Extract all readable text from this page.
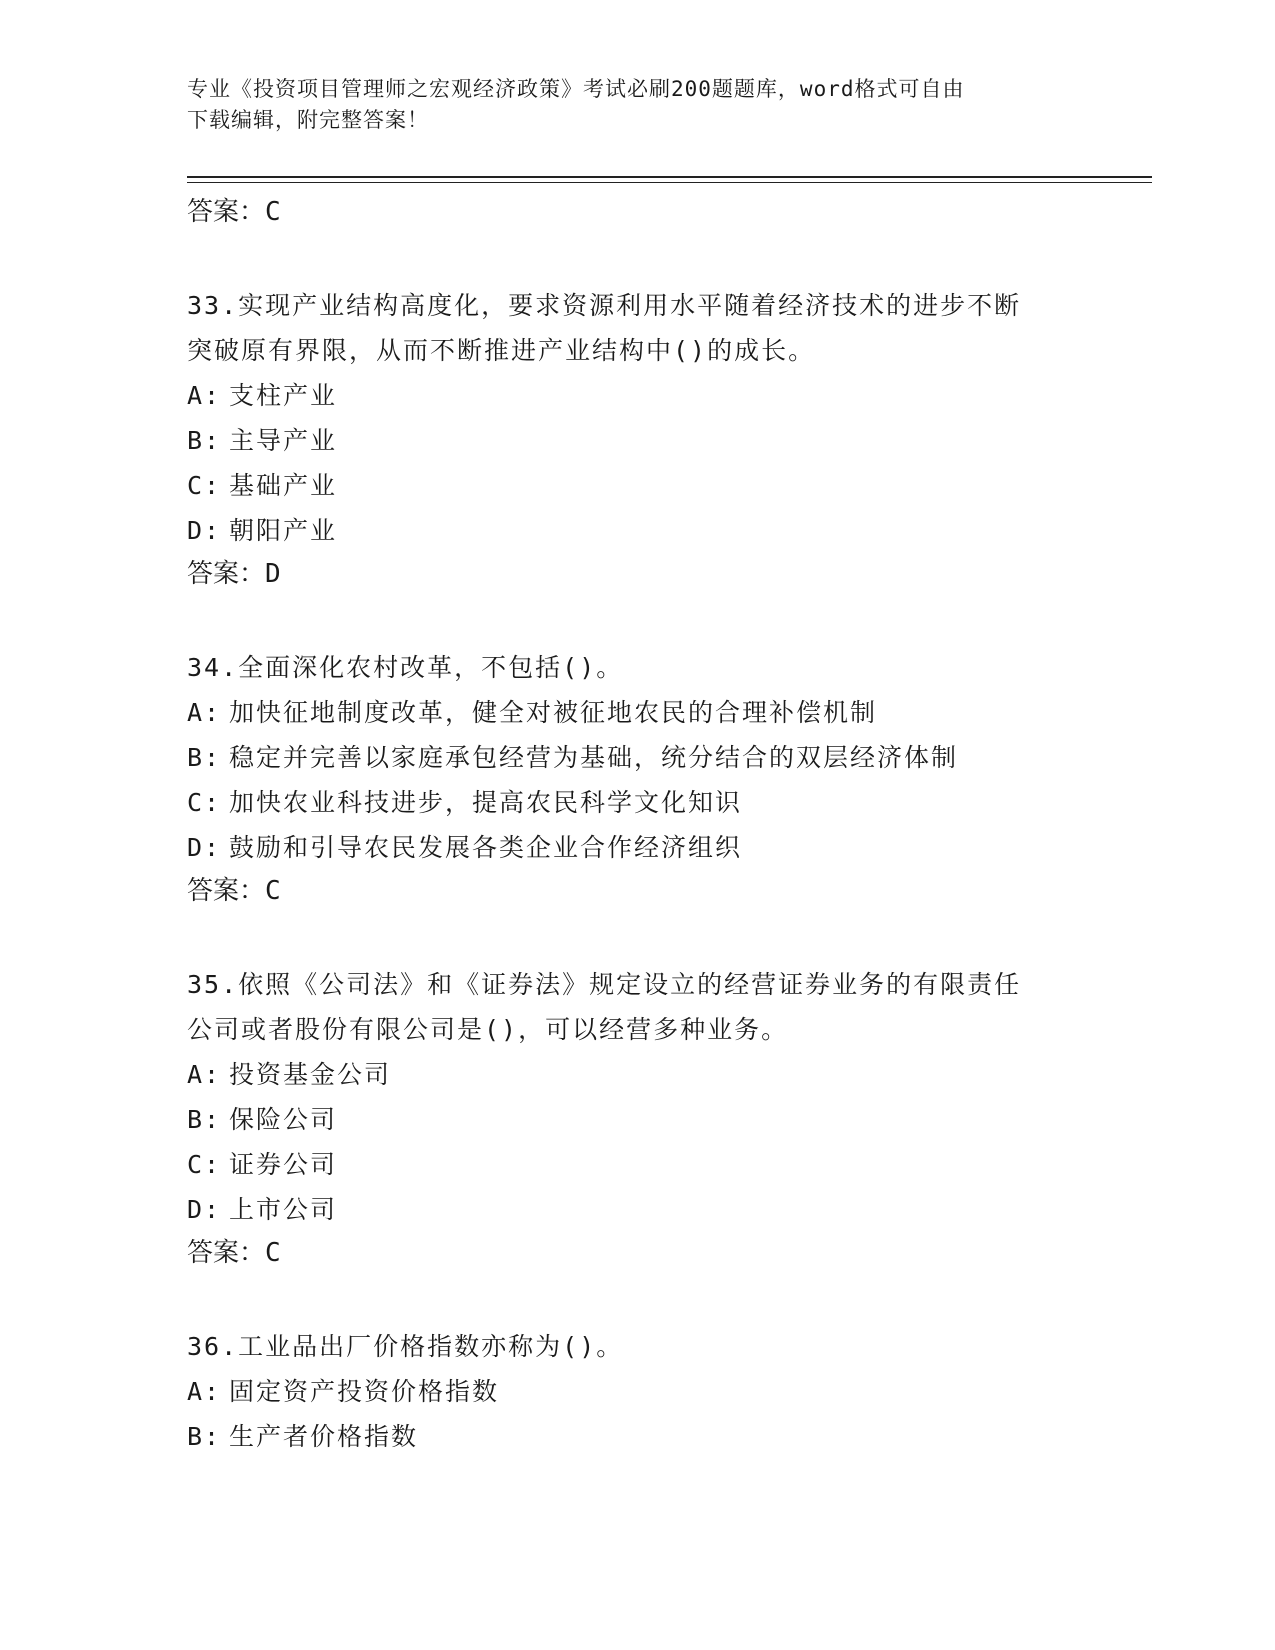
专业《投资项目管理师之宏观经济政策》考试必刷200题题库，word格式可自由
下载编辑，附完整答案！
答案：C
33.实现产业结构高度化，要求资源利用水平随着经济技术的进步不断
突破原有界限，从而不断推进产业结构中()的成长。
A: 支柱产业
B: 主导产业
C: 基础产业
D: 朝阳产业
答案：D
34.全面深化农村改革，不包括()。
A: 加快征地制度改革，健全对被征地农民的合理补偿机制
B: 稳定并完善以家庭承包经营为基础，统分结合的双层经济体制
C: 加快农业科技进步，提高农民科学文化知识
D: 鼓励和引导农民发展各类企业合作经济组织
答案：C
35.依照《公司法》和《证券法》规定设立的经营证券业务的有限责任
公司或者股份有限公司是()，可以经营多种业务。
A: 投资基金公司
B: 保险公司
C: 证券公司
D: 上市公司
答案：C
36.工业品出厂价格指数亦称为()。
A: 固定资产投资价格指数
B: 生产者价格指数
